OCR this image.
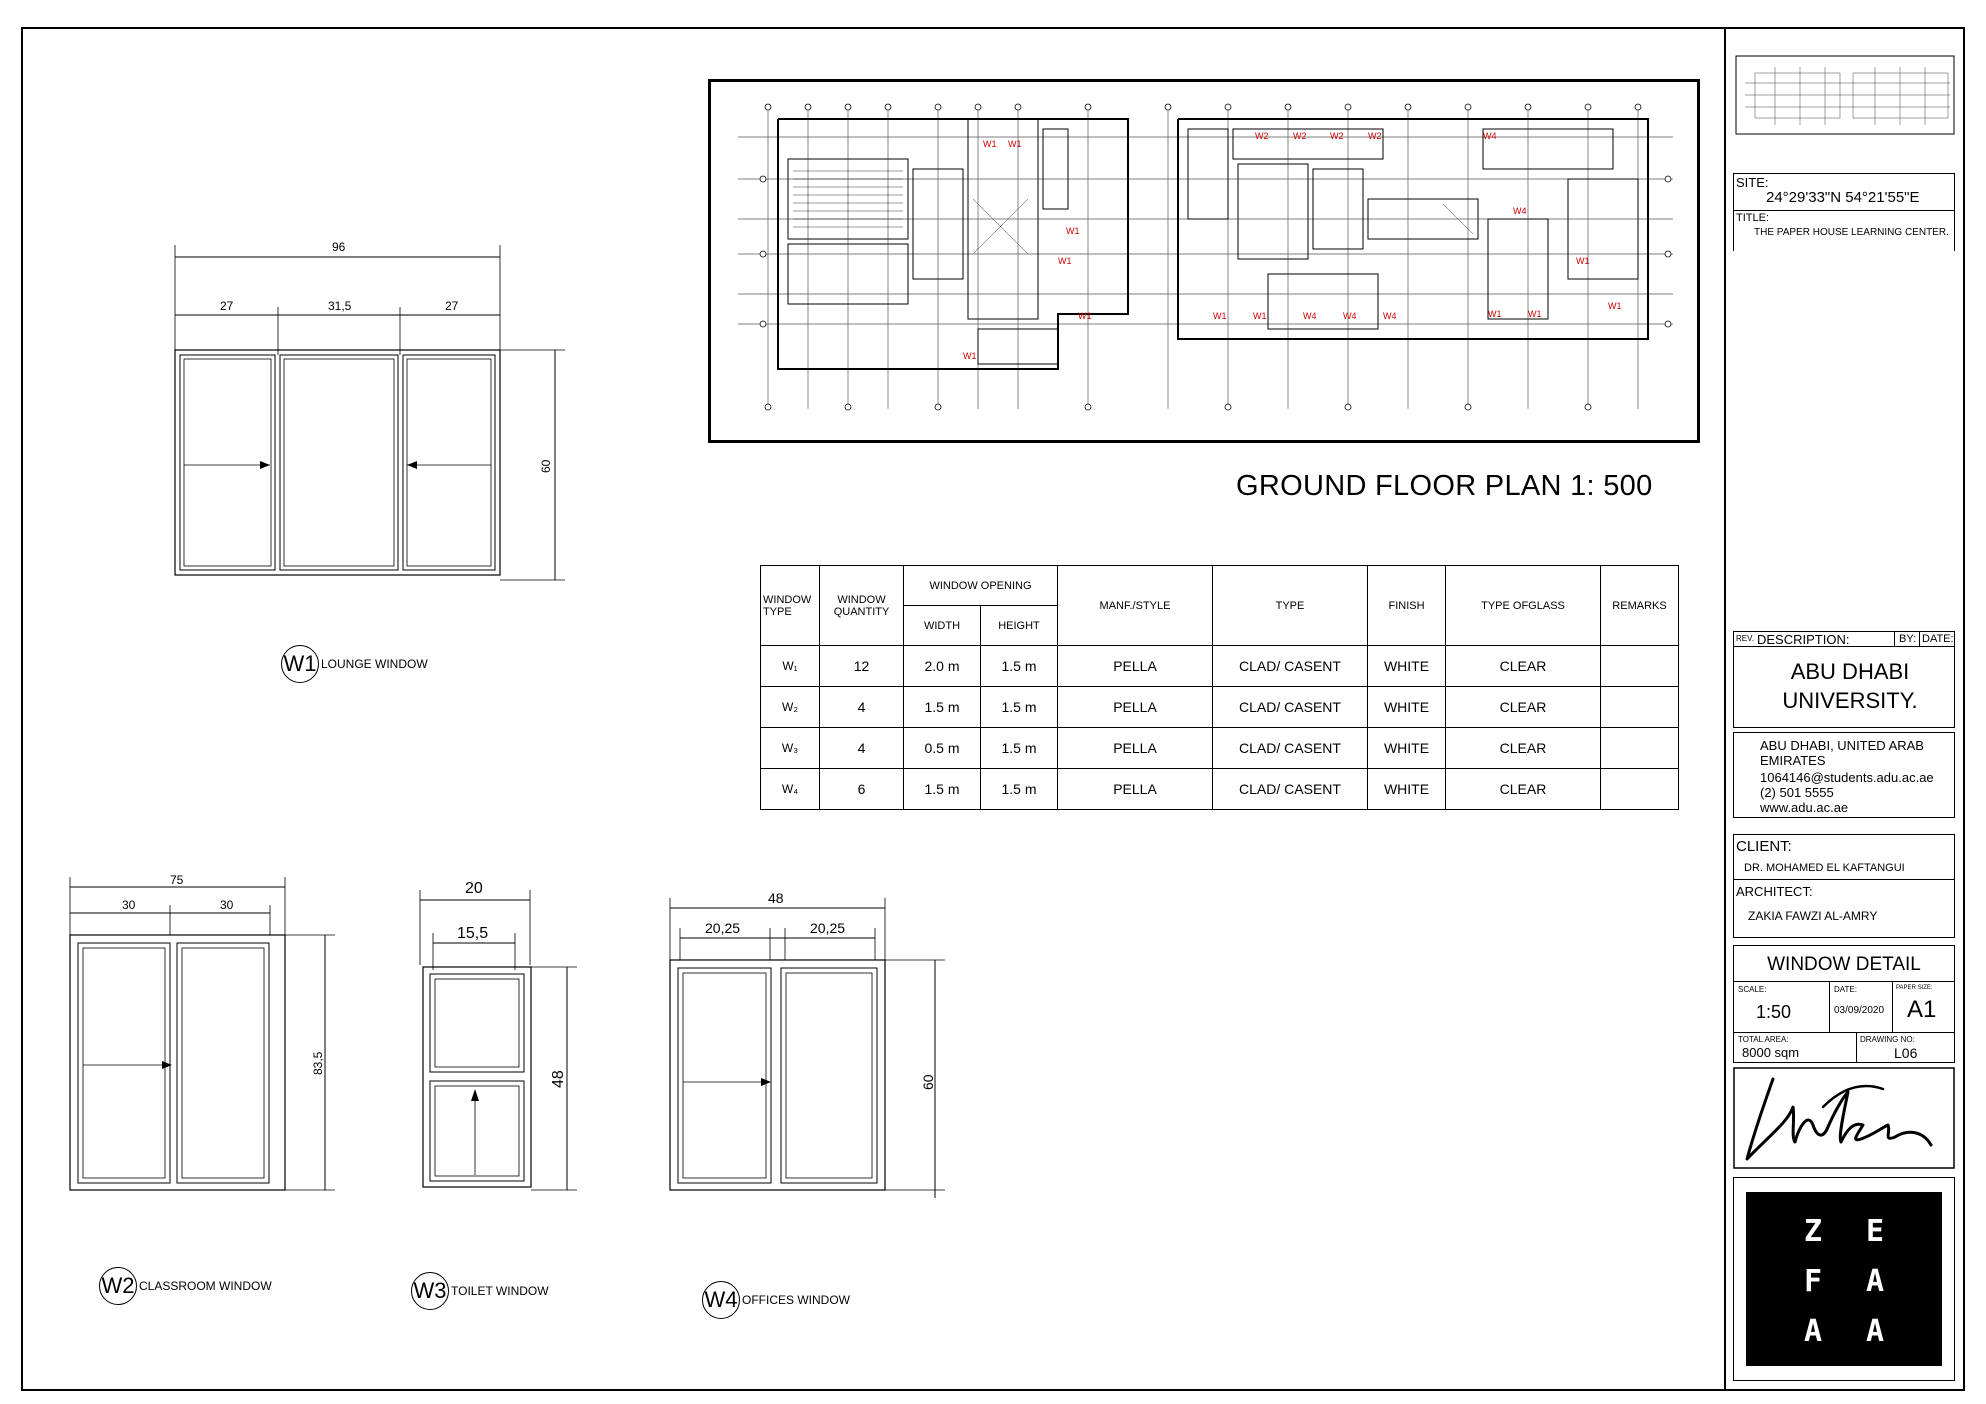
W1 W1
W2	W2	W2	W2	W4
W1
W1
W4
W1
W1
W1	W1	W1	W4	W4	W4	W1	W1
W1
GROUND FLOOR PLAN 1: 500
96
27	31,5	27
60
W1 LOUNGE WINDOW
75
30	30
83,5
W2 CLASSROOM WINDOW
20
15,5
48
W3 TOILET WINDOW
48
20,25	20,25
60
W4 OFFICES WINDOW
WINDOW TYPE	WINDOW QUANTITY	WINDOW OPENING		MANF./STYLE	TYPE	FINISH	TYPE OFGLASS	REMARKS
		WIDTH	HEIGHT					
W₁	12	2.0 m	1.5 m	PELLA	CLAD/ CASENT	WHITE	CLEAR	
W₂	4	1.5 m	1.5 m	PELLA	CLAD/ CASENT	WHITE	CLEAR	
W₃	4	0.5 m	1.5 m	PELLA	CLAD/ CASENT	WHITE	CLEAR	
W₄	6	1.5 m	1.5 m	PELLA	CLAD/ CASENT	WHITE	CLEAR	
SITE:
24°29'33"N 54°21'55"E
TITLE:
THE PAPER HOUSE LEARNING CENTER.
REV. DESCRIPTION:	BY: DATE:
ABU DHABI UNIVERSITY.
ABU DHABI, UNITED ARAB EMIRATES
1064146@students.adu.ac.ae
(2) 501 5555
www.adu.ac.ae
CLIENT:
DR. MOHAMED EL KAFTANGUI
ARCHITECT:
ZAKIA FAWZI AL-AMRY
WINDOW DETAIL
SCALE:
1:50
DATE:
03/09/2020
PAPER SIZE:
A1
TOTAL AREA:
8000 sqm
DRAWING NO:
L06
Z E
F A
A A
